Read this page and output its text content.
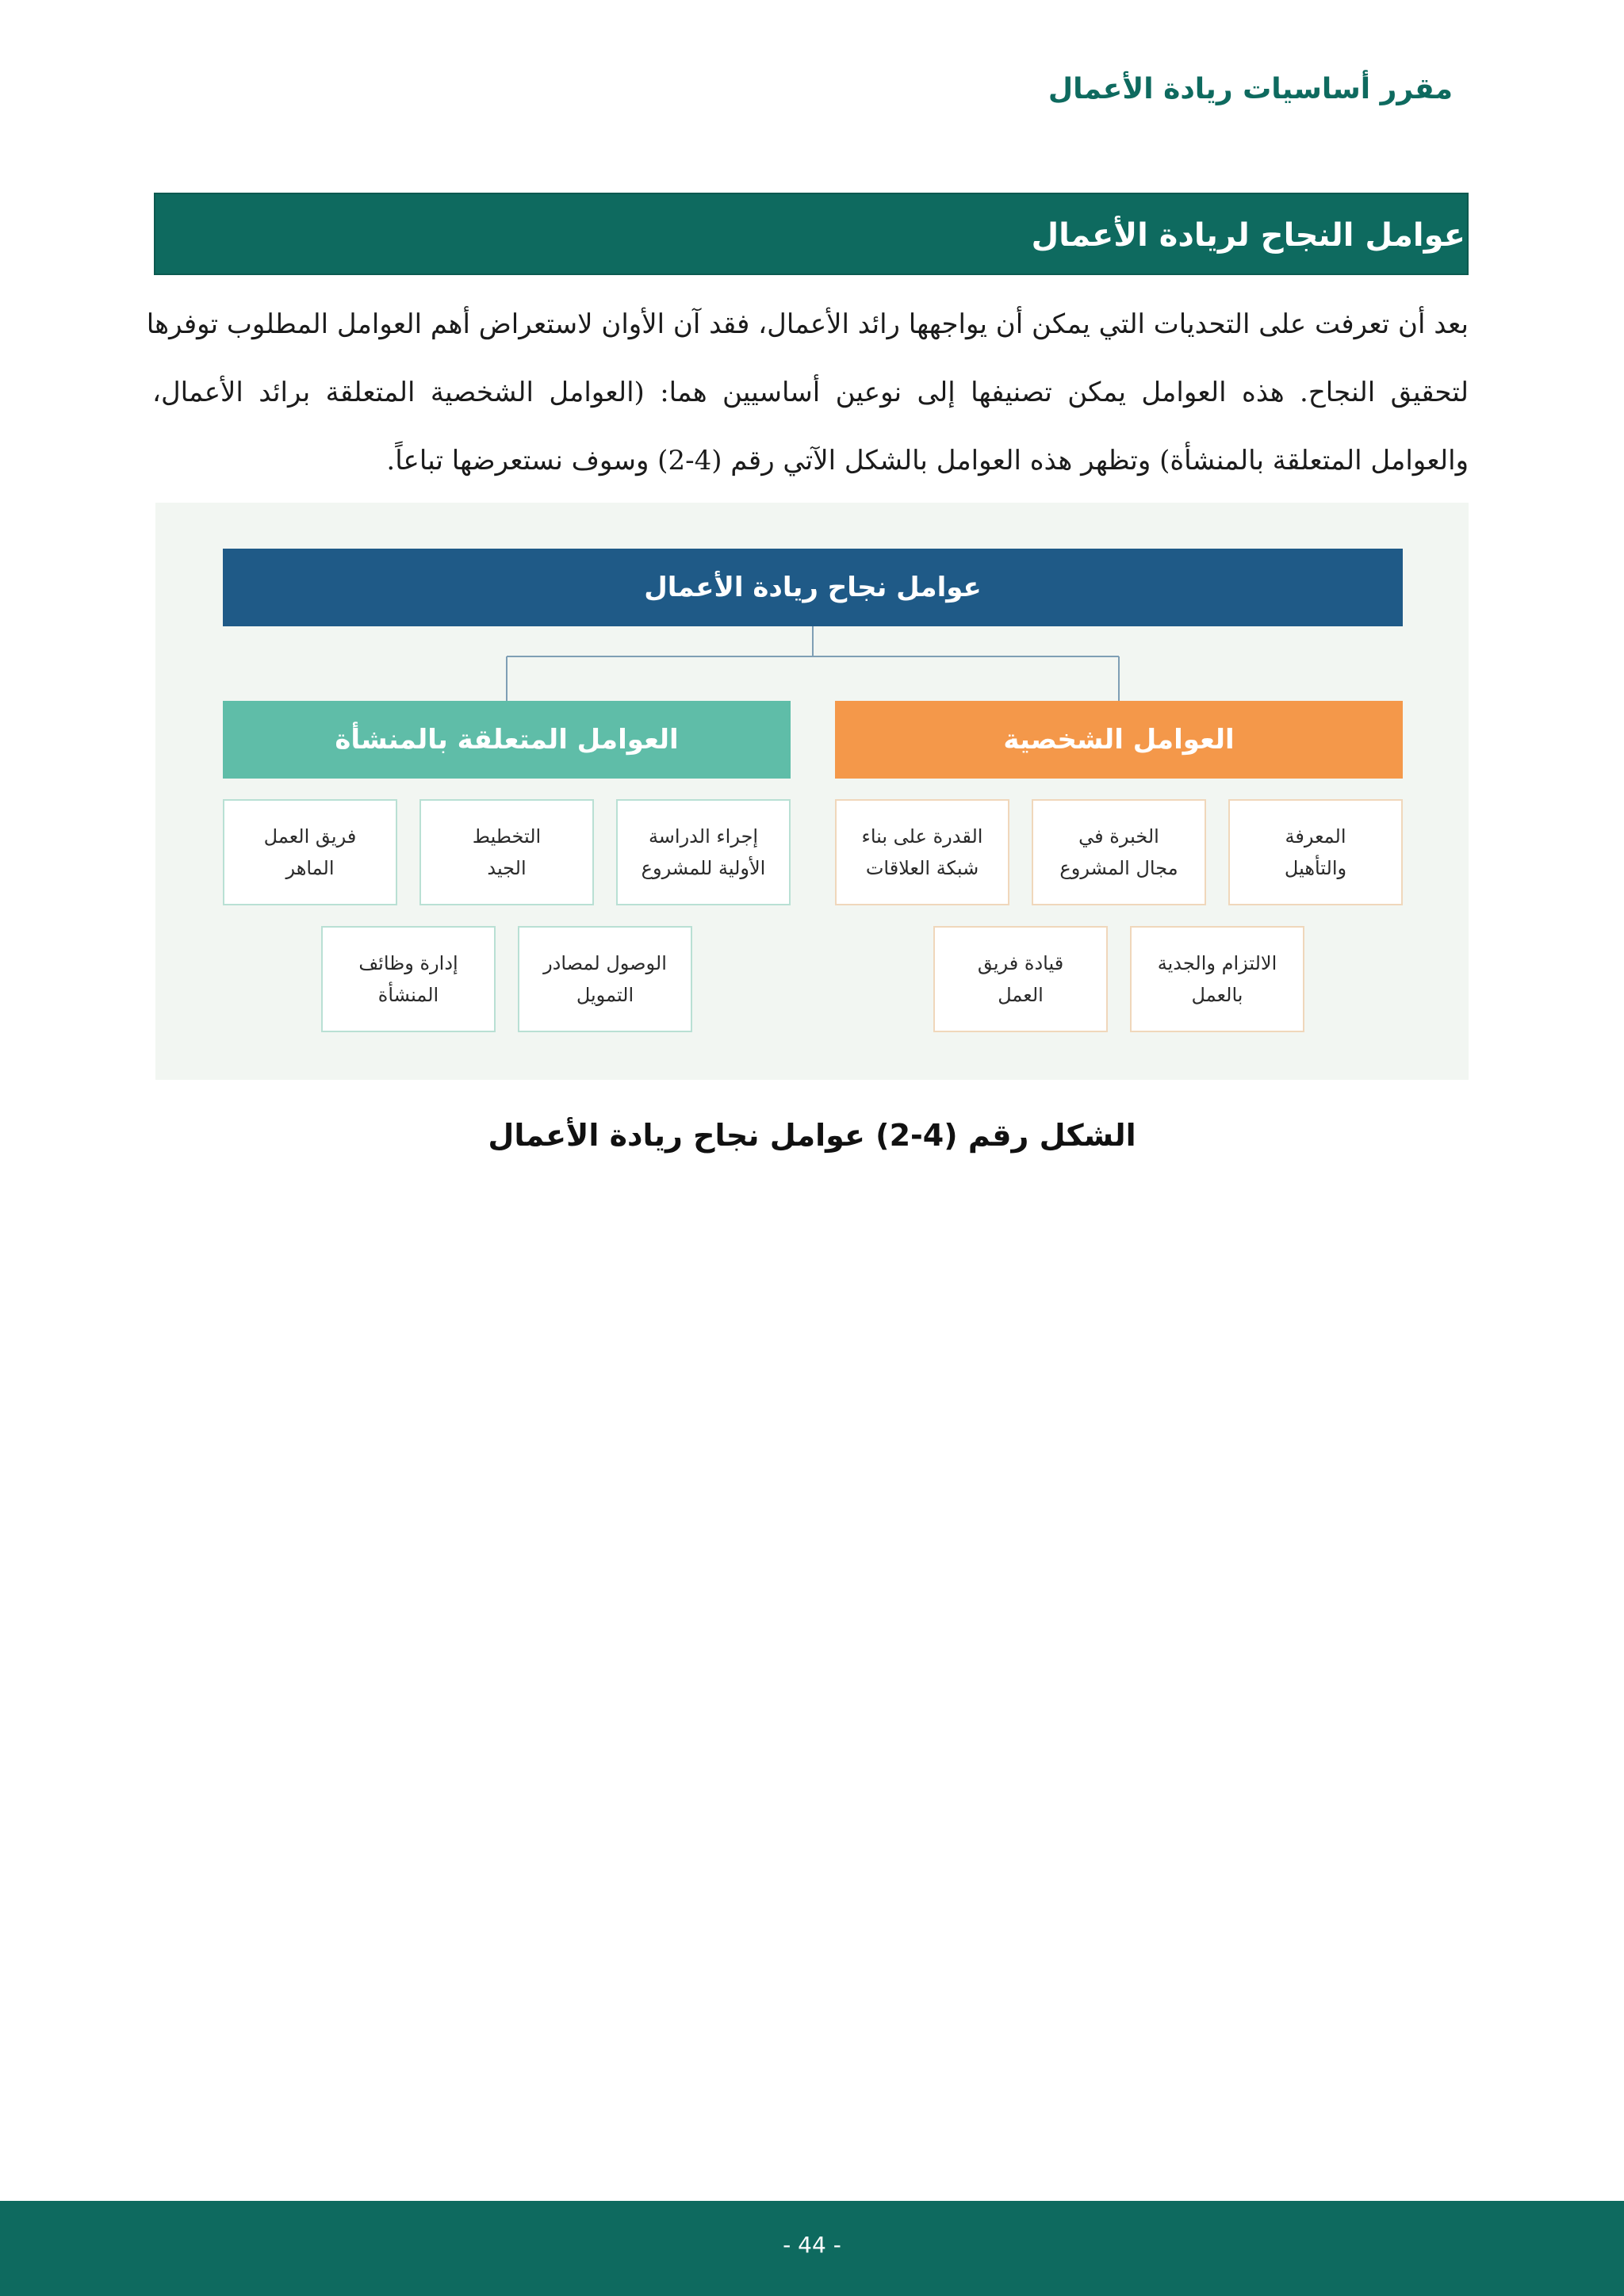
مقرر أساسيات ريادة الأعمال
عوامل النجاح لريادة الأعمال
بعد أن تعرفت على التحديات التي يمكن أن يواجهها رائد الأعمال، فقد آن الأوان لاستعراض أهم العوامل المطلوب توفرها
لتحقيق النجاح. هذه العوامل يمكن تصنيفها إلى نوعين أساسيين هما: (العوامل الشخصية المتعلقة برائد الأعمال،
والعوامل المتعلقة بالمنشأة) وتظهر هذه العوامل بالشكل الآتي رقم (4-2) وسوف نستعرضها تباعاً.
عوامل نجاح ريادة الأعمال
العوامل الشخصية
العوامل المتعلقة بالمنشأة
المعرفة
والتأهيل
الخبرة في
مجال المشروع
القدرة على بناء
شبكة العلاقات
الالتزام والجدية
بالعمل
قيادة فريق
العمل
إجراء الدراسة
الأولية للمشروع
التخطيط
الجيد
فريق العمل
الماهر
الوصول لمصادر
التمويل
إدارة وظائف
المنشأة
الشكل رقم (4-2) عوامل نجاح ريادة الأعمال
- 44 -
